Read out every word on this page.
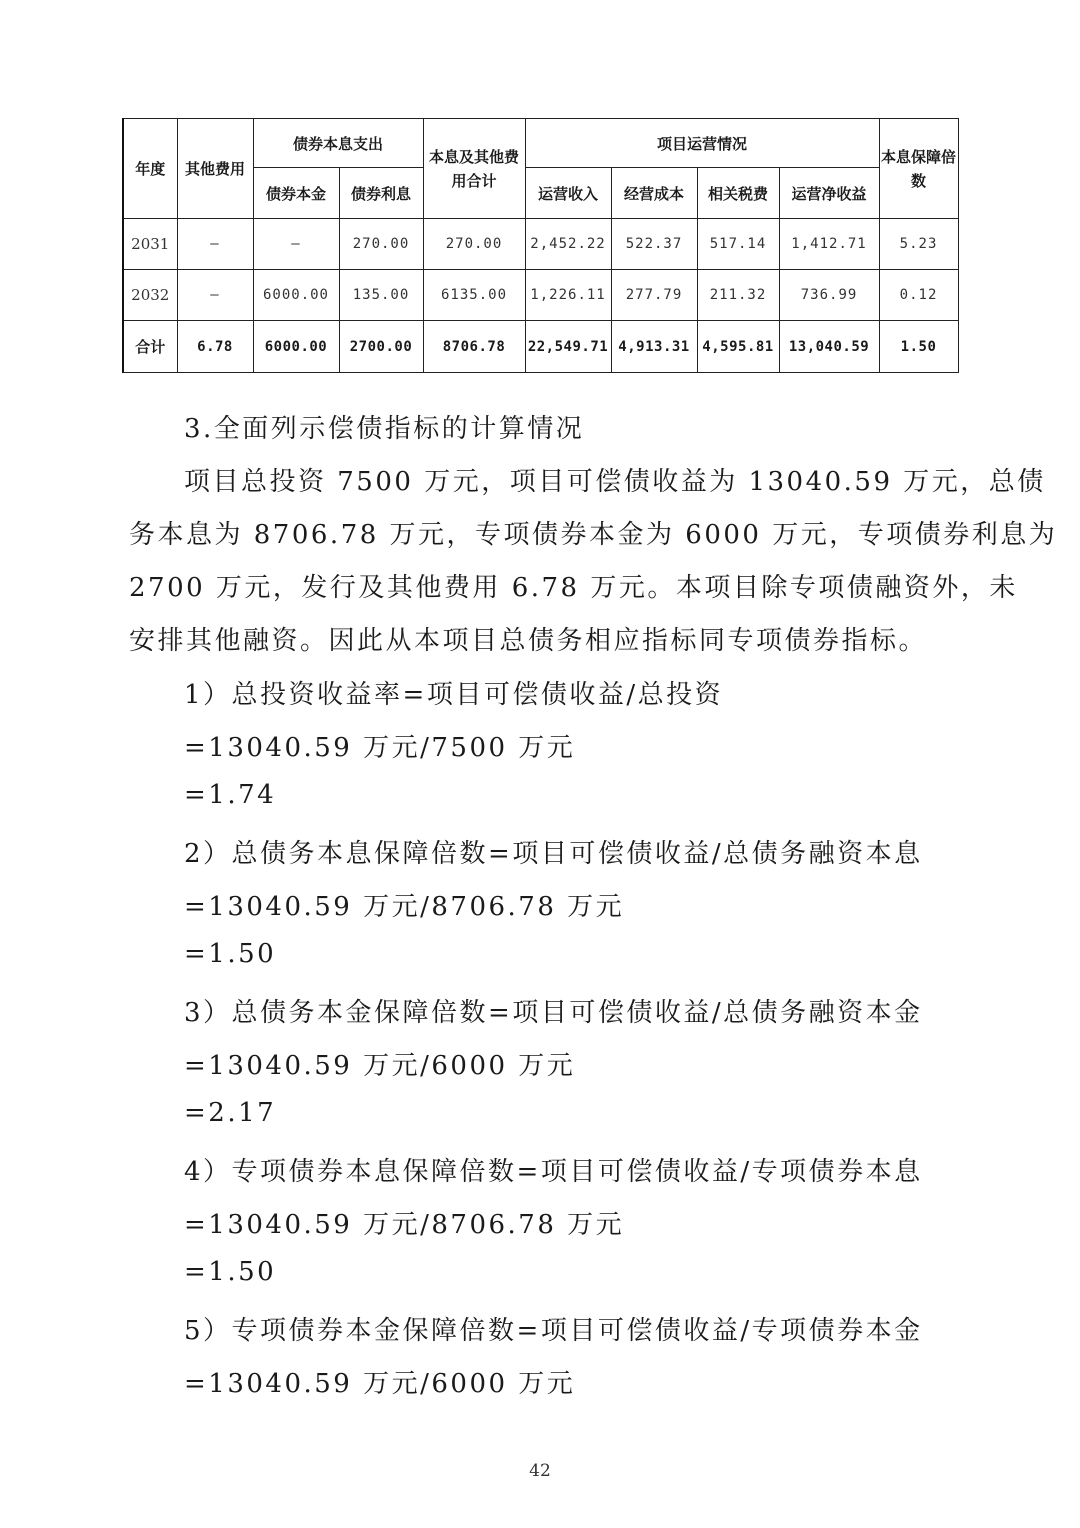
年度	其他费用	债券本息支出		本息及其他费用合计	项目运营情况				本息保障倍数
		债券本金	债券利息		运营收入	经营成本	相关税费	运营净收益	
2031	–	–	270.00	270.00	2,452.22	522.37	517.14	1,412.71	5.23
2032	–	6000.00	135.00	6135.00	1,226.11	277.79	211.32	736.99	0.12
合计	6.78	6000.00	2700.00	8706.78	22,549.71	4,913.31	4,595.81	13,040.59	1.50
3.全面列示偿债指标的计算情况
项目总投资 7500 万元，项目可偿债收益为 13040.59 万元，总债
务本息为 8706.78 万元，专项债券本金为 6000 万元，专项债券利息为
2700 万元，发行及其他费用 6.78 万元。本项目除专项债融资外，未
安排其他融资。因此从本项目总债务相应指标同专项债券指标。
1）总投资收益率=项目可偿债收益/总投资
=13040.59 万元/7500 万元
=1.74
2）总债务本息保障倍数=项目可偿债收益/总债务融资本息
=13040.59 万元/8706.78 万元
=1.50
3）总债务本金保障倍数=项目可偿债收益/总债务融资本金
=13040.59 万元/6000 万元
=2.17
4）专项债券本息保障倍数=项目可偿债收益/专项债券本息
=13040.59 万元/8706.78 万元
=1.50
5）专项债券本金保障倍数=项目可偿债收益/专项债券本金
=13040.59 万元/6000 万元
42
